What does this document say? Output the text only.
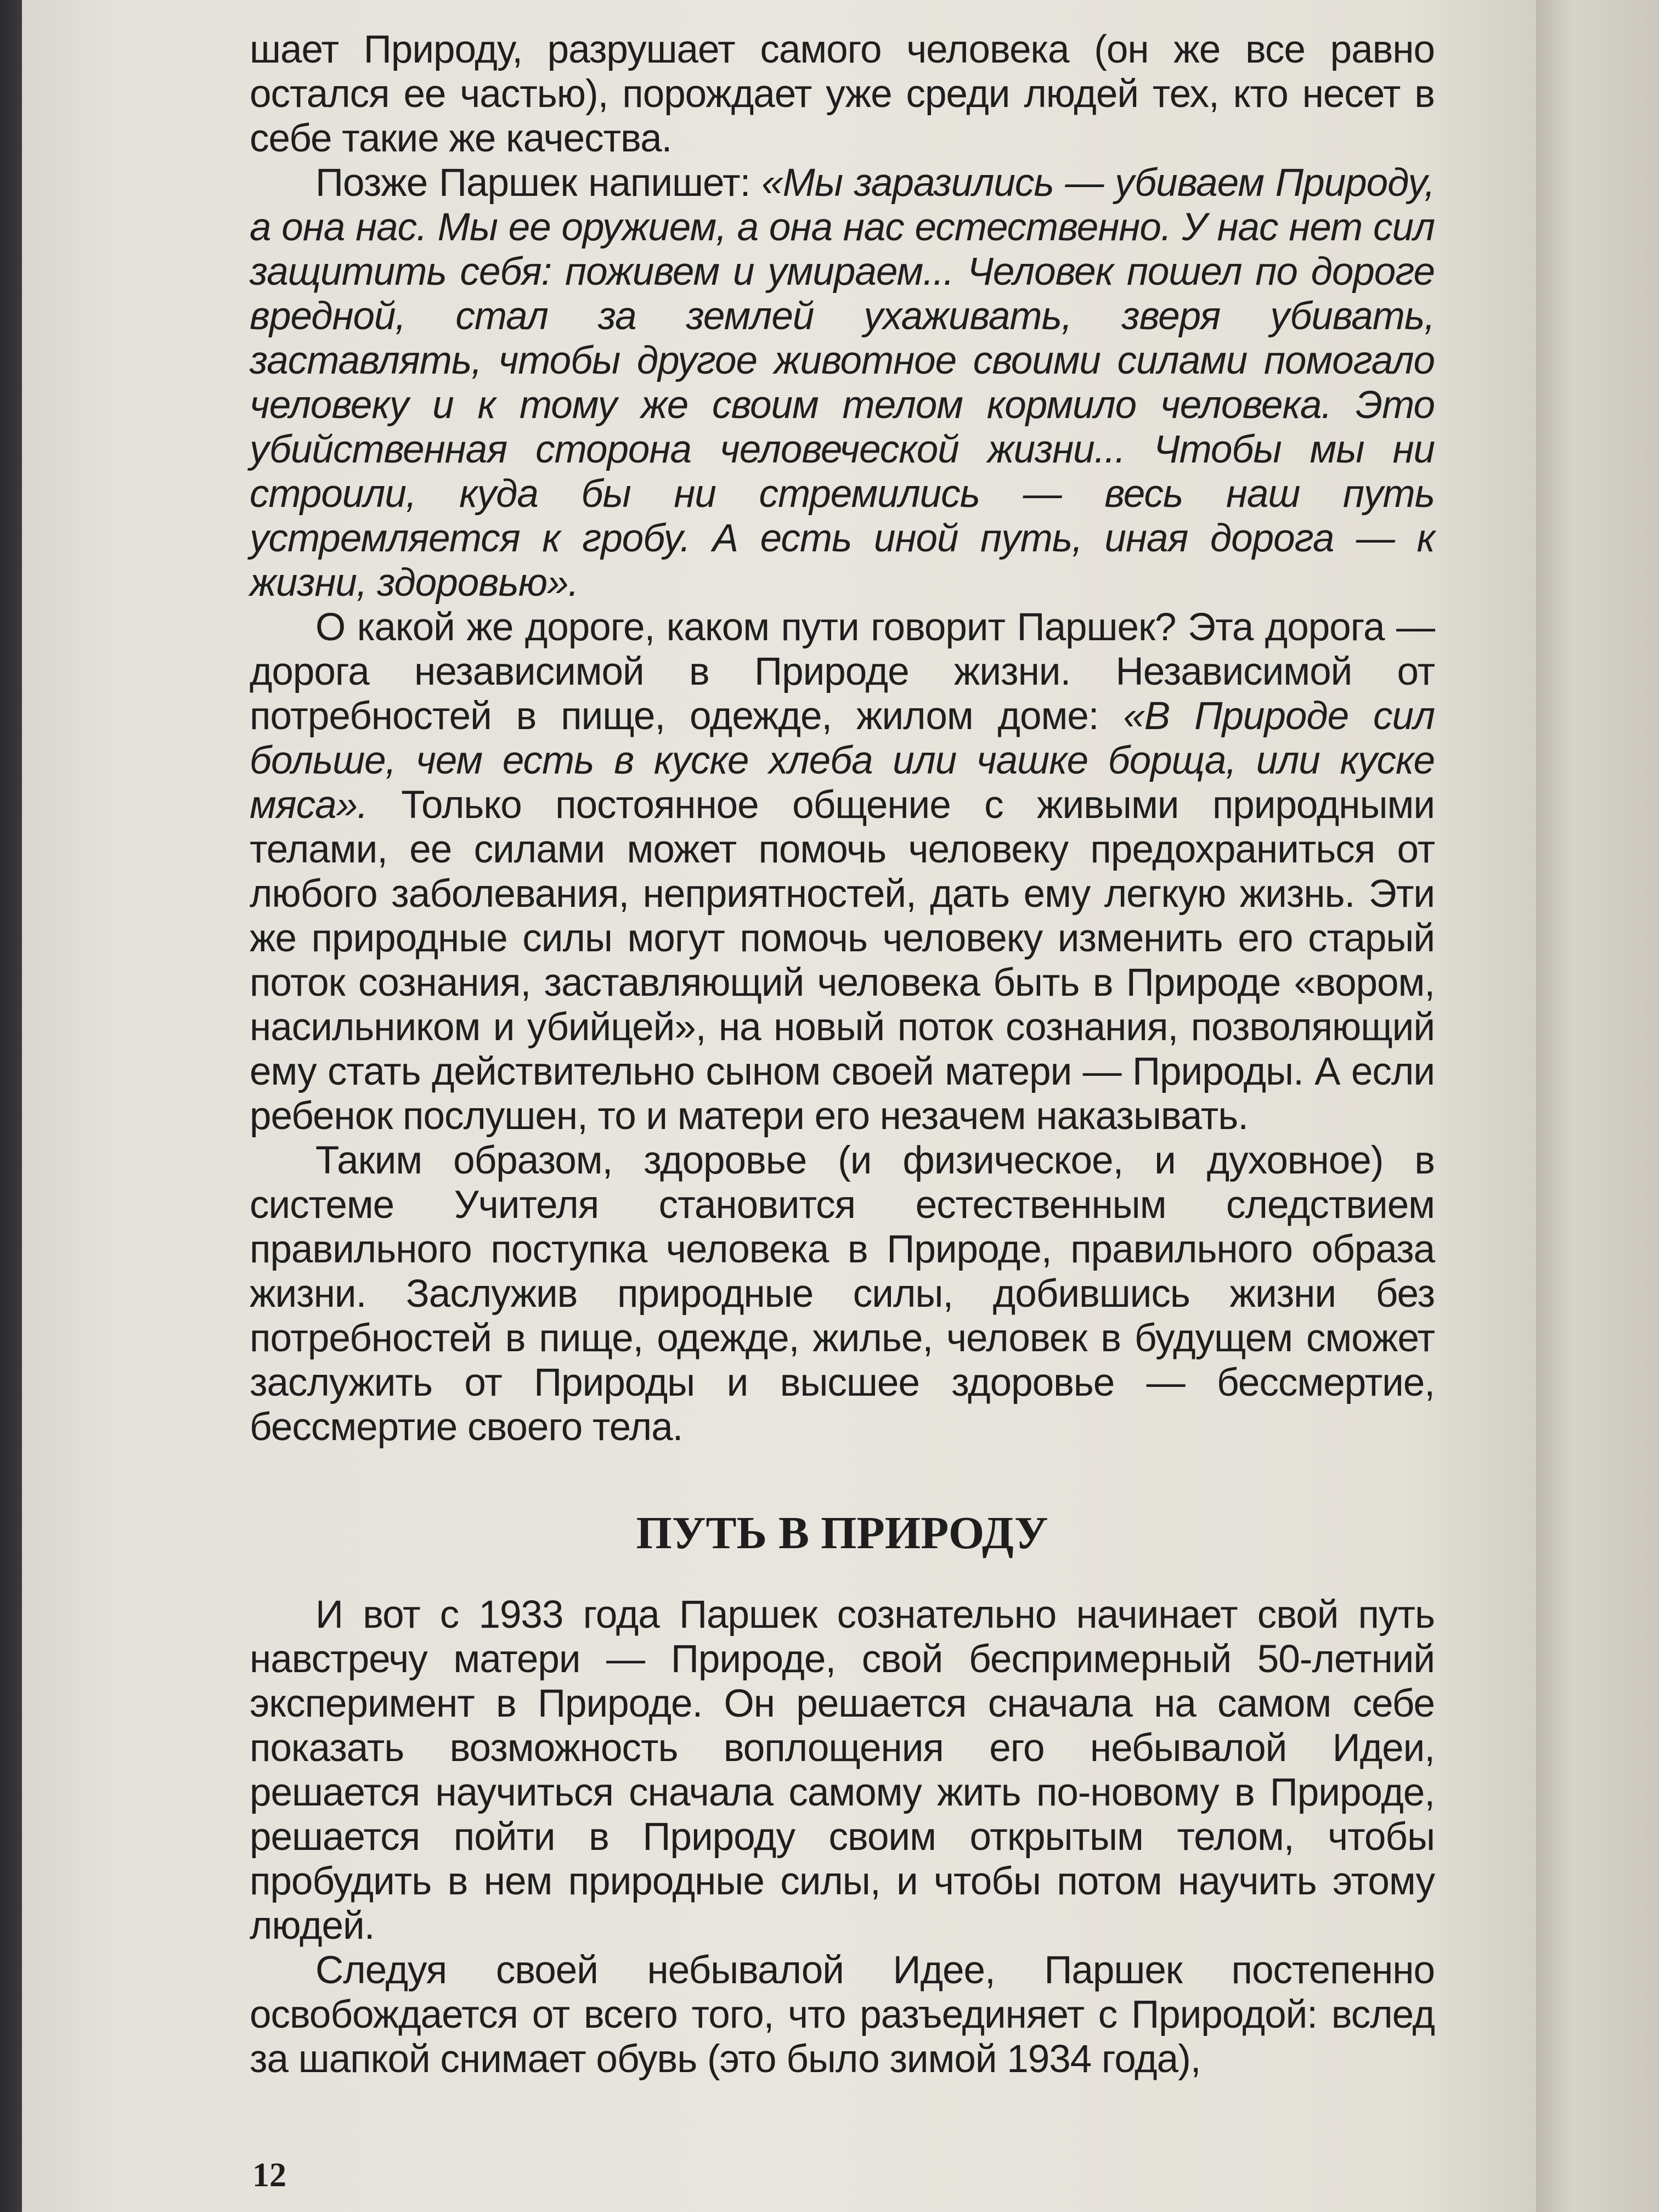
шает Природу, разрушает самого человека (он же все равно остался ее частью), порождает уже среди людей тех, кто несет в себе такие же качества.

Позже Паршек напишет: «Мы заразились — убиваем Природу, а она нас. Мы ее оружием, а она нас естественно. У нас нет сил защитить себя: поживем и умираем... Человек пошел по дороге вредной, стал за землей ухаживать, зверя убивать, заставлять, чтобы другое животное своими силами помогало человеку и к тому же своим телом кормило человека. Это убийственная сторона человеческой жизни... Чтобы мы ни строили, куда бы ни стремились — весь наш путь устремляется к гробу. А есть иной путь, иная дорога — к жизни, здоровью».

О какой же дороге, каком пути говорит Паршек? Эта дорога — дорога независимой в Природе жизни. Независимой от потребностей в пище, одежде, жилом доме: «В Природе сил больше, чем есть в куске хлеба или чашке борща, или куске мяса». Только постоянное общение с живыми природными телами, ее силами может помочь человеку предохраниться от любого заболевания, неприятностей, дать ему легкую жизнь. Эти же природные силы могут помочь человеку изменить его старый поток сознания, заставляющий человека быть в Природе «вором, насильником и убийцей», на новый поток сознания, позволяющий ему стать действительно сыном своей матери — Природы. А если ребенок послушен, то и матери его незачем наказывать.

Таким образом, здоровье (и физическое, и духовное) в системе Учителя становится естественным следствием правильного поступка человека в Природе, правильного образа жизни. Заслужив природные силы, добившись жизни без потребностей в пище, одежде, жилье, человек в будущем сможет заслужить от Природы и высшее здоровье — бессмертие, бессмертие своего тела.

ПУТЬ В ПРИРОДУ

И вот с 1933 года Паршек сознательно начинает свой путь навстречу матери — Природе, свой беспримерный 50-летний эксперимент в Природе. Он решается сначала на самом себе показать возможность воплощения его небывалой Идеи, решается научиться сначала самому жить по-новому в Природе, решается пойти в Природу своим открытым телом, чтобы пробудить в нем природные силы, и чтобы потом научить этому людей.

Следуя своей небывалой Идее, Паршек постепенно освобождается от всего того, что разъединяет с Природой: вслед за шапкой снимает обувь (это было зимой 1934 года),

12
